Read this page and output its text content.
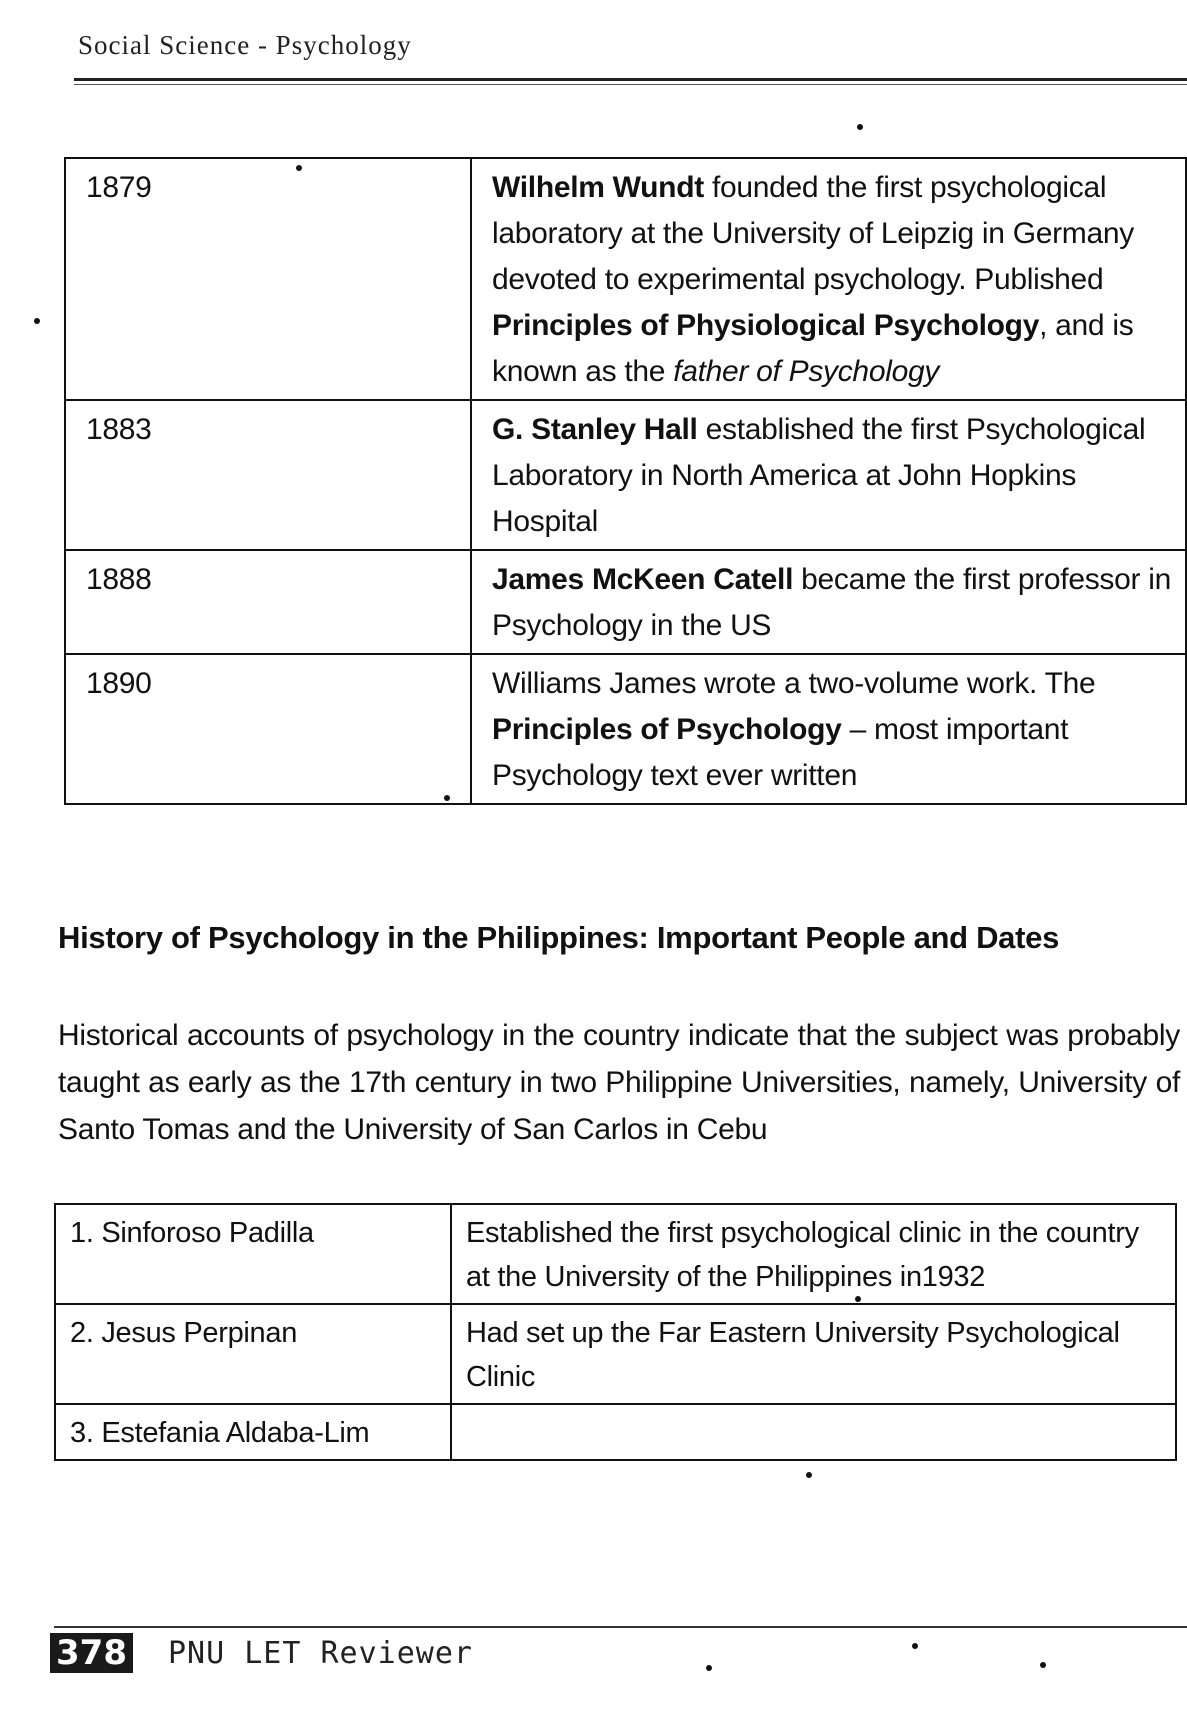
Social Science - Psychology
1879	Wilhelm Wundt founded the first psychological laboratory at the University of Leipzig in Germany devoted to experimental psychology. Published Principles of Physiological Psychology, and is known as the father of Psychology
1883	G. Stanley Hall established the first Psychological Laboratory in North America at John Hopkins Hospital
1888	James McKeen Catell became the first professor in Psychology in the US
1890	Williams James wrote a two-volume work. The Principles of Psychology – most important Psychology text ever written
History of Psychology in the Philippines: Important People and Dates
Historical accounts of psychology in the country indicate that the subject was probably taught as early as the 17th century in two Philippine Universities, namely, University of Santo Tomas and the University of San Carlos in Cebu
1. Sinforoso Padilla	Established the first psychological clinic in the country at the University of the Philippines in1932
2. Jesus Perpinan	Had set up the Far Eastern University Psychological Clinic
3. Estefania Aldaba-Lim	
378 PNU LET Reviewer
